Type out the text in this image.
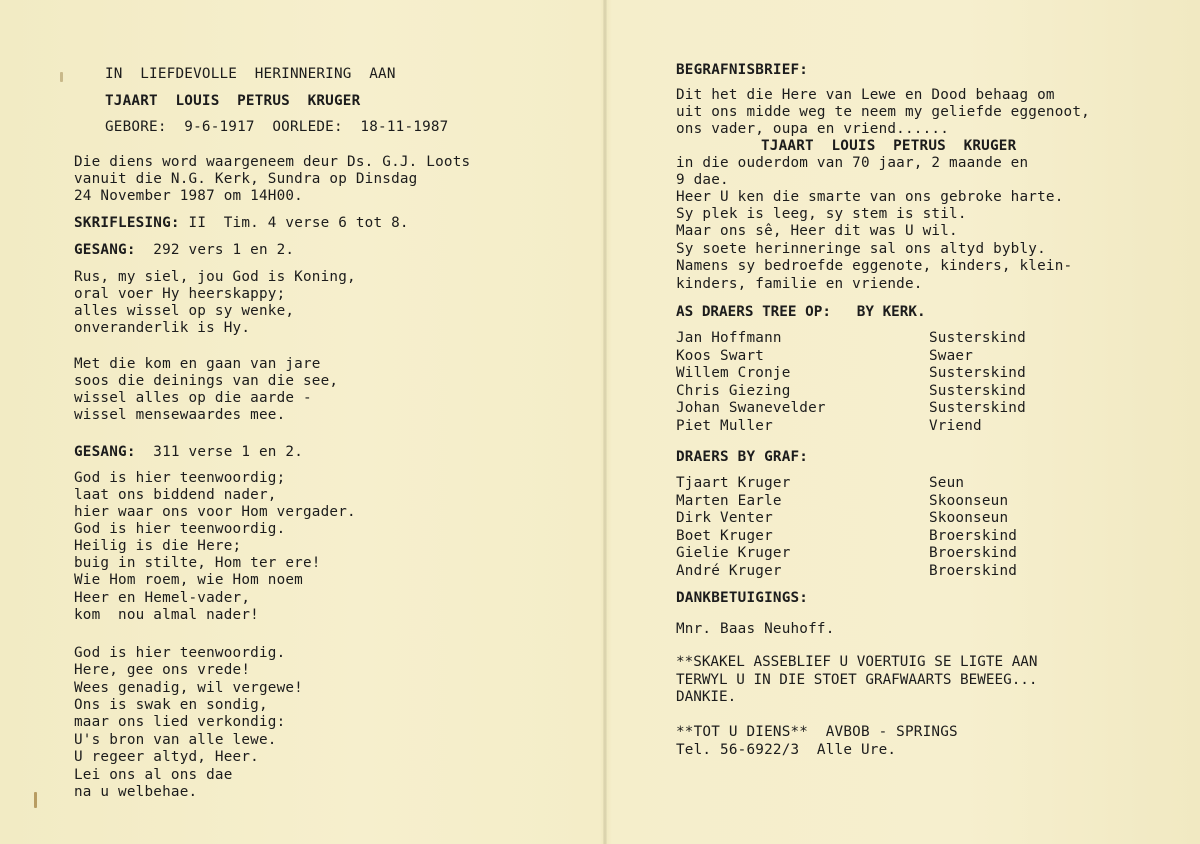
IN  LIEFDEVOLLE  HERINNERING  AAN
TJAART  LOUIS  PETRUS  KRUGER
GEBORE:  9-6-1917  OORLEDE:  18-11-1987
Die diens word waargeneem deur Ds. G.J. Loots
vanuit die N.G. Kerk, Sundra op Dinsdag
24 November 1987 om 14H00.
SKRIFLESING: II  Tim. 4 verse 6 tot 8.
GESANG: 292 vers 1 en 2.
Rus, my siel, jou God is Koning,
oral voer Hy heerskappy;
alles wissel op sy wenke,
onveranderlik is Hy.
Met die kom en gaan van jare
soos die deinings van die see,
wissel alles op die aarde -
wissel mensewaardes mee.
GESANG: 311 verse 1 en 2.
God is hier teenwoordig;
laat ons biddend nader,
hier waar ons voor Hom vergader.
God is hier teenwoordig.
Heilig is die Here;
buig in stilte, Hom ter ere!
Wie Hom roem, wie Hom noem
Heer en Hemel-vader,
kom  nou almal nader!
God is hier teenwoordig.
Here, gee ons vrede!
Wees genadig, wil vergewe!
Ons is swak en sondig,
maar ons lied verkondig:
U's bron van alle lewe.
U regeer altyd, Heer.
Lei ons al ons dae
na u welbehae.
BEGRAFNISBRIEF:
Dit het die Here van Lewe en Dood behaag om
uit ons midde weg te neem my geliefde eggenoot,
ons vader, oupa en vriend......
TJAART  LOUIS  PETRUS  KRUGER
in die ouderdom van 70 jaar, 2 maande en
9 dae.
Heer U ken die smarte van ons gebroke harte.
Sy plek is leeg, sy stem is stil.
Maar ons sê, Heer dit was U wil.
Sy soete herinneringe sal ons altyd bybly.
Namens sy bedroefde eggenote, kinders, klein-
kinders, familie en vriende.
AS DRAERS TREE OP:   BY KERK.
Jan Hoffmann	Susterskind
Koos Swart	Swaer
Willem Cronje	Susterskind
Chris Giezing	Susterskind
Johan Swanevelder	Susterskind
Piet Muller	Vriend
DRAERS BY GRAF:
Tjaart Kruger	Seun
Marten Earle	Skoonseun
Dirk Venter	Skoonseun
Boet Kruger	Broerskind
Gielie Kruger	Broerskind
André Kruger	Broerskind
DANKBETUIGINGS:
Mnr. Baas Neuhoff.
**SKAKEL ASSEBLIEF U VOERTUIG SE LIGTE AAN
TERWYL U IN DIE STOET GRAFWAARTS BEWEEG...
DANKIE.
**TOT U DIENS**  AVBOB - SPRINGS
Tel. 56-6922/3  Alle Ure.
